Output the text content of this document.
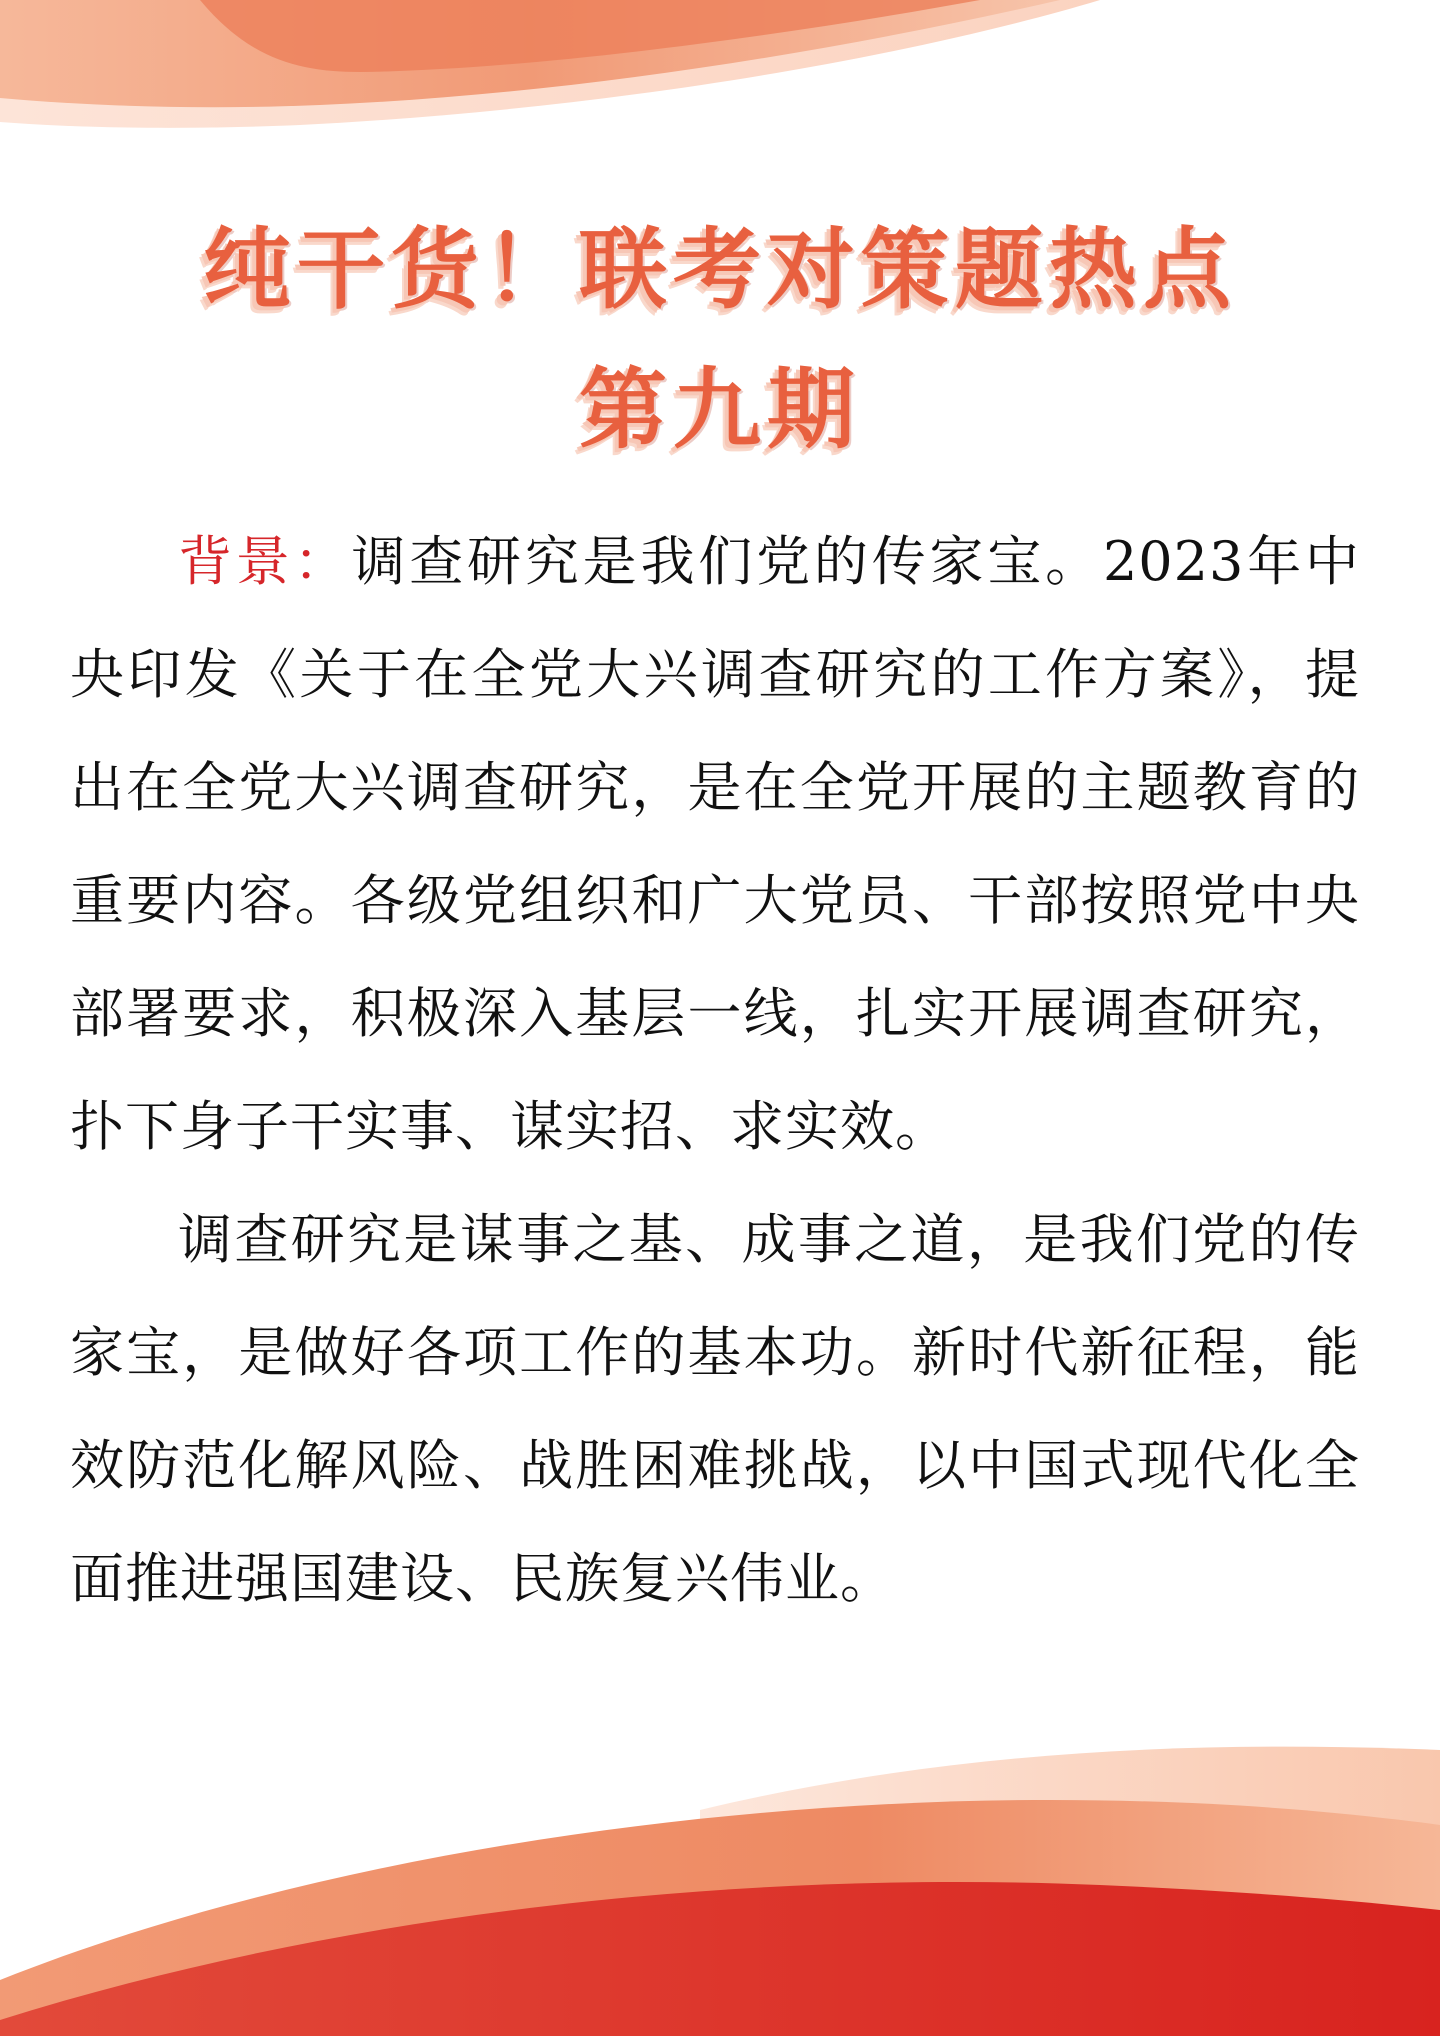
纯干货！联考对策题热点
第九期

背景：调查研究是我们党的传家宝。2023年中央印发《关于在全党大兴调查研究的工作方案》，提出在全党大兴调查研究，是在全党开展的主题教育的重要内容。各级党组织和广大党员、干部按照党中央部署要求，积极深入基层一线，扎实开展调查研究，扑下身子干实事、谋实招、求实效。

调查研究是谋事之基、成事之道，是我们党的传家宝，是做好各项工作的基本功。新时代新征程，能效防范化解风险、战胜困难挑战，以中国式现代化全面推进强国建设、民族复兴伟业。
